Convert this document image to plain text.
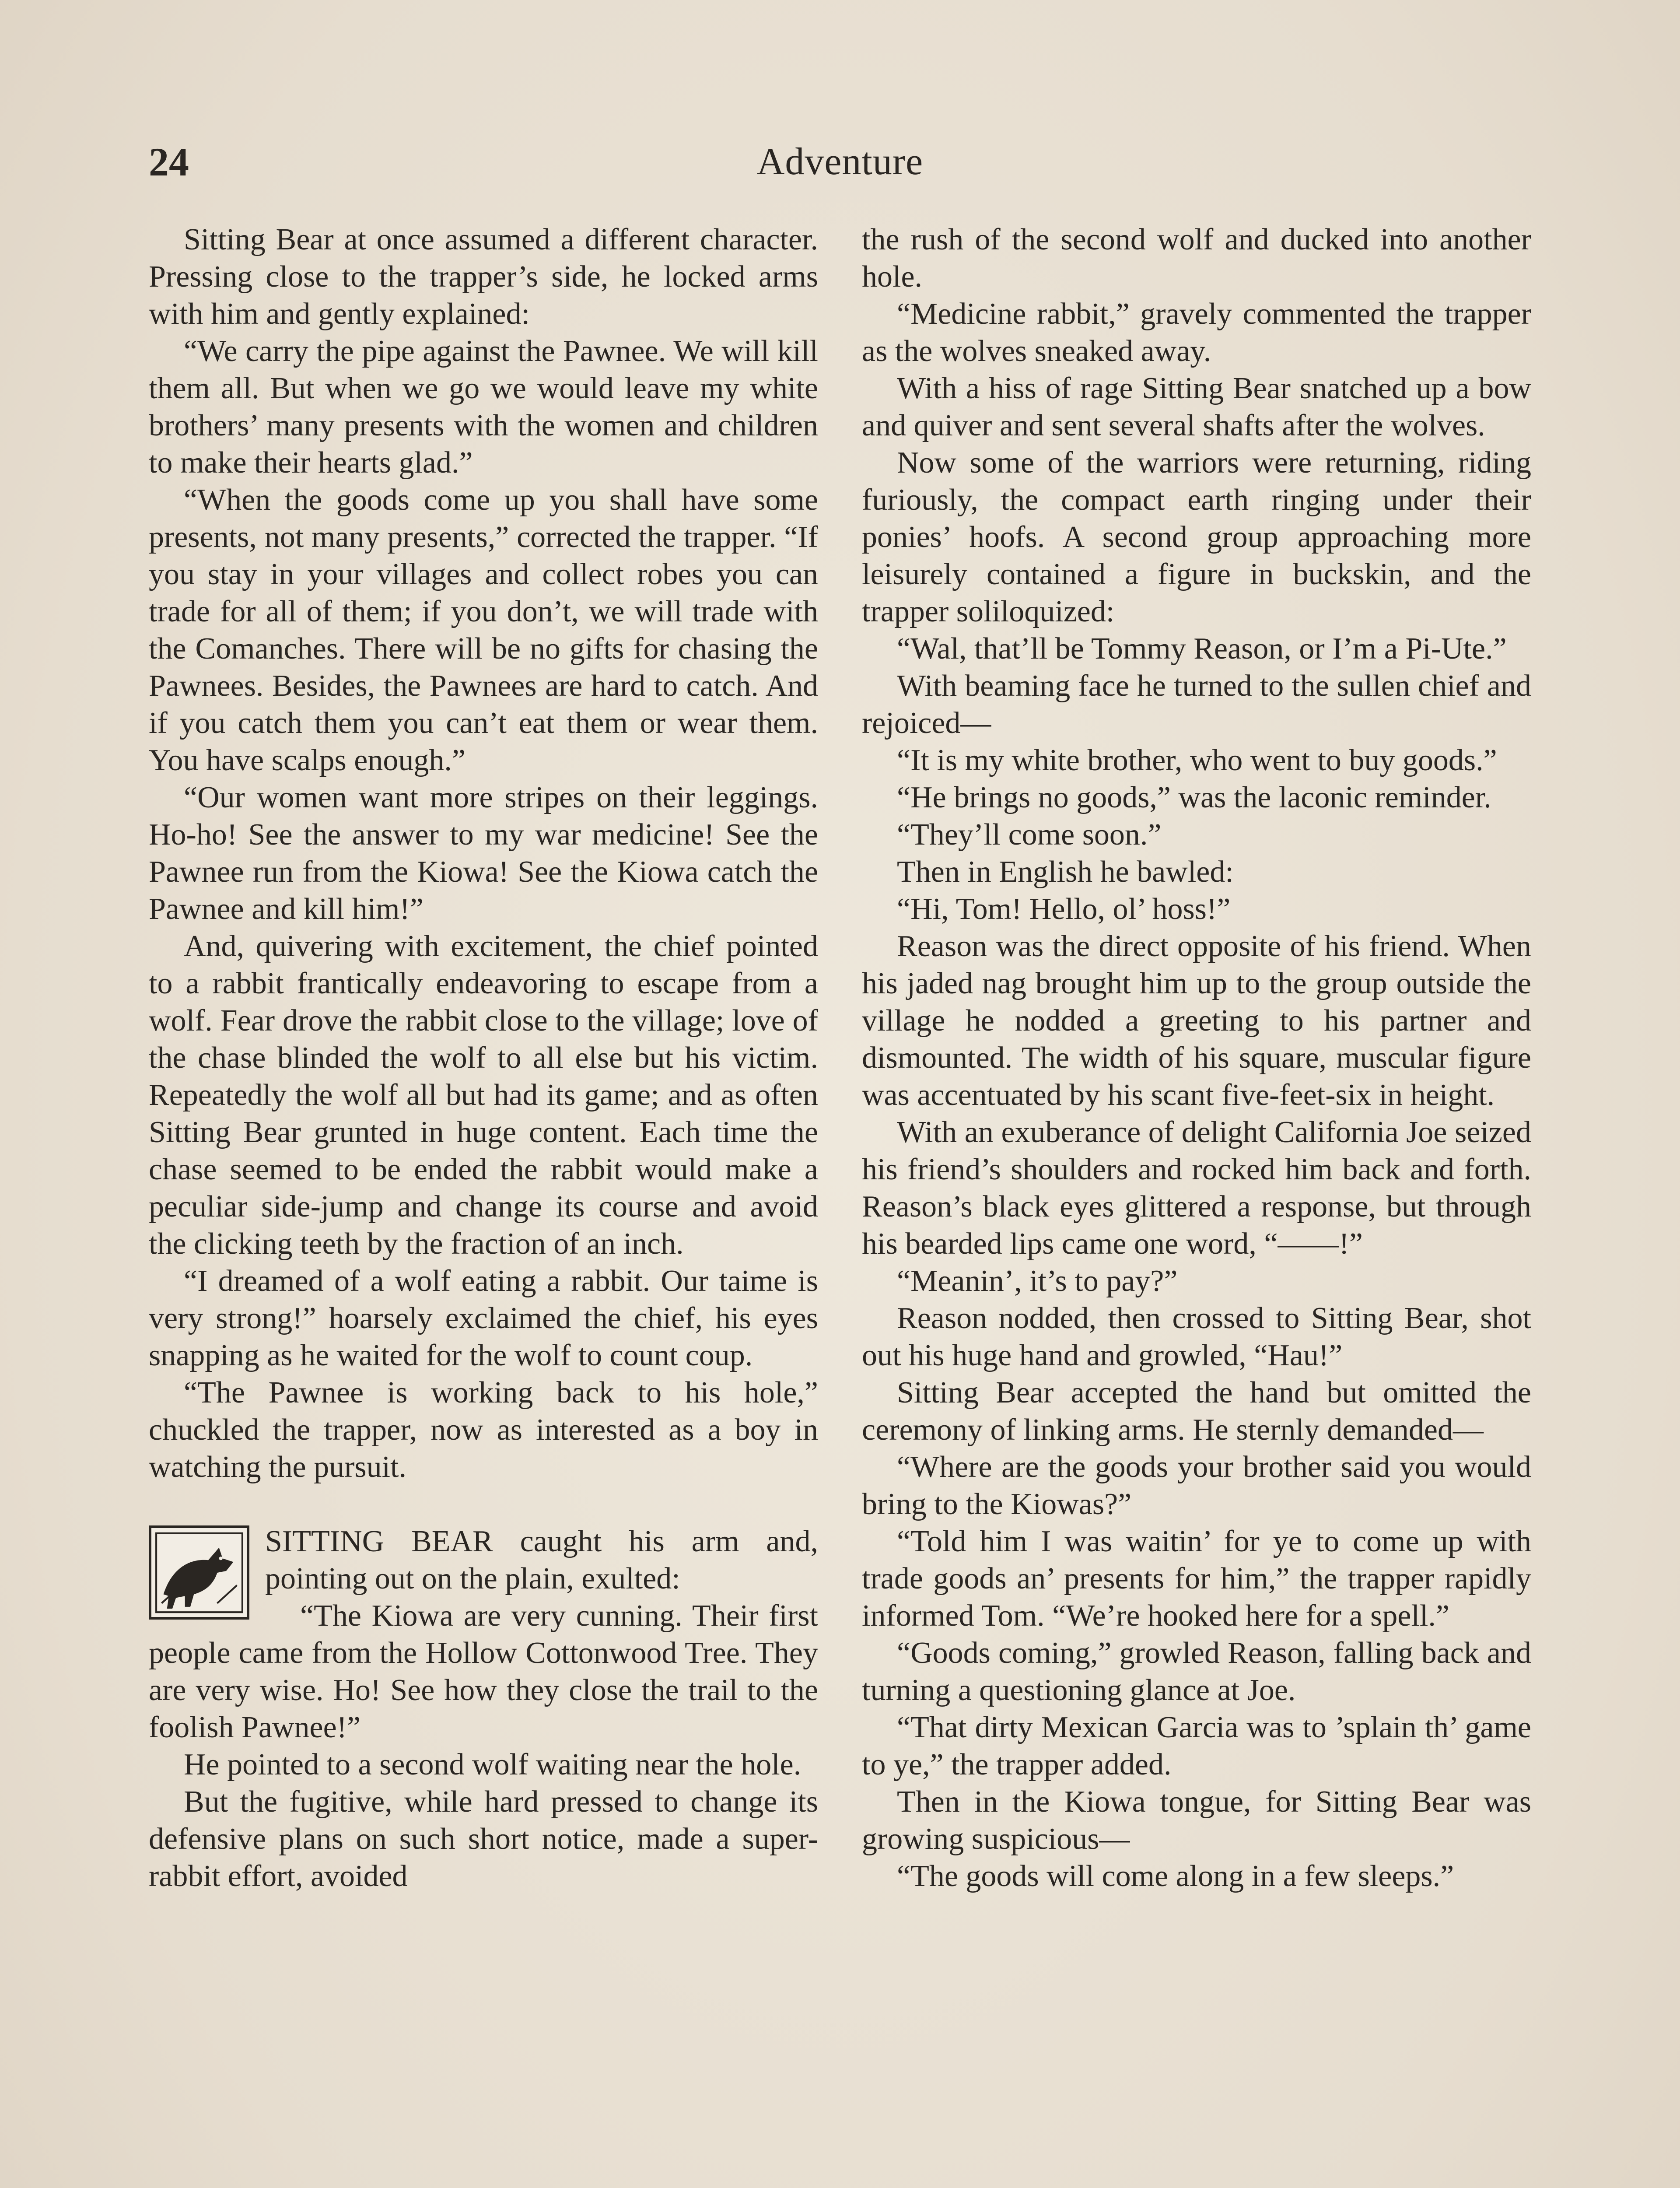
24	Adventure

Sitting Bear at once assumed a different character. Pressing close to the trapper’s side, he locked arms with him and gently explained:

“We carry the pipe against the Pawnee. We will kill them all. But when we go we would leave my white brothers’ many presents with the women and children to make their hearts glad.”

“When the goods come up you shall have some presents, not many presents,” corrected the trapper. “If you stay in your villages and collect robes you can trade for all of them; if you don’t, we will trade with the Comanches. There will be no gifts for chasing the Pawnees. Besides, the Pawnees are hard to catch. And if you catch them you can’t eat them or wear them. You have scalps enough.”

“Our women want more stripes on their leggings. Ho-ho! See the answer to my war medicine! See the Pawnee run from the Kiowa! See the Kiowa catch the Pawnee and kill him!”

And, quivering with excitement, the chief pointed to a rabbit frantically endeavoring to escape from a wolf. Fear drove the rabbit close to the village; love of the chase blinded the wolf to all else but his victim. Repeatedly the wolf all but had its game; and as often Sitting Bear grunted in huge content. Each time the chase seemed to be ended the rabbit would make a peculiar side-jump and change its course and avoid the clicking teeth by the fraction of an inch.

“I dreamed of a wolf eating a rabbit. Our taime is very strong!” hoarsely exclaimed the chief, his eyes snapping as he waited for the wolf to count coup.

“The Pawnee is working back to his hole,” chuckled the trapper, now as interested as a boy in watching the pursuit.

SITTING BEAR caught his arm and, pointing out on the plain, exulted:

“The Kiowa are very cunning. Their first people came from the Hollow Cottonwood Tree. They are very wise. Ho! See how they close the trail to the foolish Pawnee!”

He pointed to a second wolf waiting near the hole.

But the fugitive, while hard pressed to change its defensive plans on such short notice, made a super-rabbit effort, avoided

the rush of the second wolf and ducked into another hole.

“Medicine rabbit,” gravely commented the trapper as the wolves sneaked away.

With a hiss of rage Sitting Bear snatched up a bow and quiver and sent several shafts after the wolves.

Now some of the warriors were returning, riding furiously, the compact earth ringing under their ponies’ hoofs. A second group approaching more leisurely contained a figure in buckskin, and the trapper soliloquized:

“Wal, that’ll be Tommy Reason, or I’m a Pi-Ute.”

With beaming face he turned to the sullen chief and rejoiced—

“It is my white brother, who went to buy goods.”

“He brings no goods,” was the laconic reminder.

“They’ll come soon.”

Then in English he bawled:

“Hi, Tom! Hello, ol’ hoss!”

Reason was the direct opposite of his friend. When his jaded nag brought him up to the group outside the village he nodded a greeting to his partner and dismounted. The width of his square, muscular figure was accentuated by his scant five-feet-six in height.

With an exuberance of delight California Joe seized his friend’s shoulders and rocked him back and forth. Reason’s black eyes glittered a response, but through his bearded lips came one word, “——!”

“Meanin’, it’s to pay?”

Reason nodded, then crossed to Sitting Bear, shot out his huge hand and growled, “Hau!”

Sitting Bear accepted the hand but omitted the ceremony of linking arms. He sternly demanded—

“Where are the goods your brother said you would bring to the Kiowas?”

“Told him I was waitin’ for ye to come up with trade goods an’ presents for him,” the trapper rapidly informed Tom. “We’re hooked here for a spell.”

“Goods coming,” growled Reason, falling back and turning a questioning glance at Joe.

“That dirty Mexican Garcia was to ’splain th’ game to ye,” the trapper added.

Then in the Kiowa tongue, for Sitting Bear was growing suspicious—

“The goods will come along in a few sleeps.”
